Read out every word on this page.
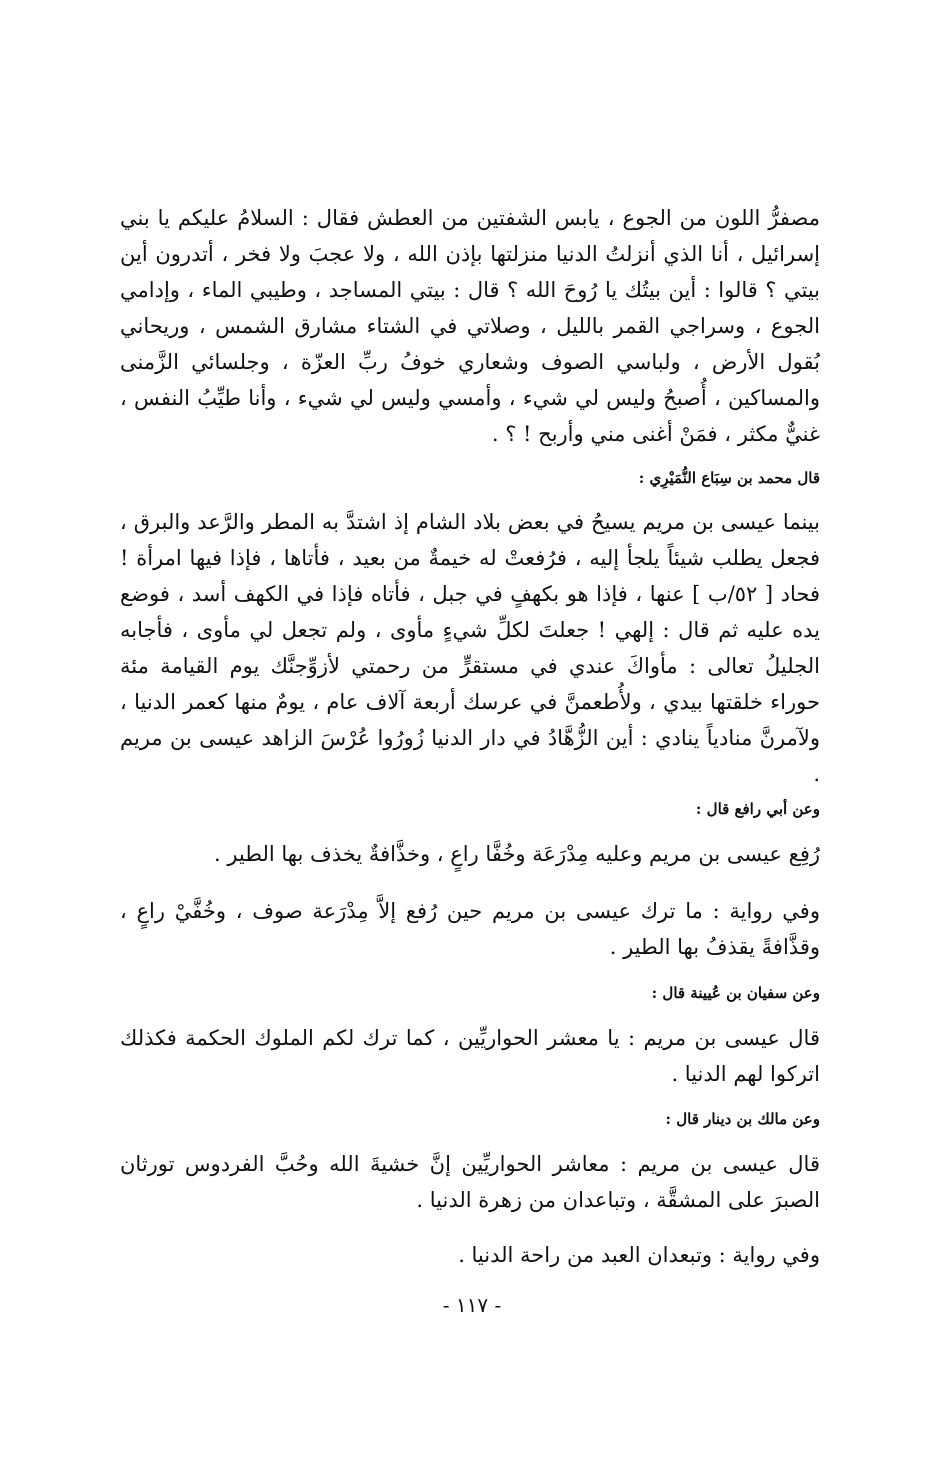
مصفرُّ اللون من الجوع ، يابس الشفتين من العطش فقال : السلامُ عليكم يا بني إسرائيل ، أنا الذي أنزلتُ الدنيا منزلتها بإذن الله ، ولا عجبَ ولا فخر ، أتدرون أين بيتي ؟ قالوا : أين بيتُك يا رُوحَ الله ؟ قال : بيتي المساجد ، وطيبي الماء ، وإدامي الجوع ، وسراجي القمر بالليل ، وصلاتي في الشتاء مشارق الشمس ، وريحاني بُقول الأرض ، ولباسي الصوف وشعاري خوفُ ربِّ العزّة ، وجلسائي الزَّمنى والمساكين ، أُصبحُ وليس لي شيء ، وأمسي وليس لي شيء ، وأنا طيِّبُ النفس ، غنيٌّ مكثر ، فمَنْ أغنى مني وأربح ! ؟ .

قال محمد بن سِبَاع النُّمَيْرِي :

بينما عيسى بن مريم يسيحُ في بعض بلاد الشام إذ اشتدَّ به المطر والرَّعد والبرق ، فجعل يطلب شيئاً يلجأ إليه ، فرُفعتْ له خيمةٌ من بعيد ، فأتاها ، فإذا فيها امرأة ! فحاد [ ٥٢/ب ] عنها ، فإذا هو بكهفٍ في جبل ، فأتاه فإذا في الكهف أسد ، فوضع يده عليه ثم قال : إلهي ! جعلتَ لكلِّ شيءٍ مأوى ، ولم تجعل لي مأوى ، فأجابه الجليلُ تعالى : مأواكَ عندي في مستقرٍّ من رحمتي لأزوِّجنَّك يوم القيامة مئة حوراء خلقتها بيدي ، ولأُطعمنَّ في عرسك أربعة آلاف عام ، يومٌ منها كعمر الدنيا ، ولآمرنَّ منادياً ينادي : أين الزُّهَّادُ في دار الدنيا زُورُوا عُرْسَ الزاهد عيسى بن مريم .

وعن أبي رافع قال :

رُفِع عيسى بن مريم وعليه مِدْرَعَة وخُفَّا راعٍ ، وخذَّافةٌ يخذف بها الطير .

وفي رواية : ما ترك عيسى بن مريم حين رُفع إلاَّ مِدْرَعة صوف ، وخُفَّيْ راعٍ ، وقذَّافةً يقذفُ بها الطير .

وعن سفيان بن عُيينة قال :

قال عيسى بن مريم : يا معشر الحواريِّين ، كما ترك لكم الملوك الحكمة فكذلك اتركوا لهم الدنيا .

وعن مالك بن دينار قال :

قال عيسى بن مريم : معاشر الحواريِّين إنَّ خشيةَ الله وحُبَّ الفردوس تورثان الصبرَ على المشقَّة ، وتباعدان من زهرة الدنيا .

وفي رواية : وتبعدان العبد من راحة الدنيا .

- ١١٧ -
